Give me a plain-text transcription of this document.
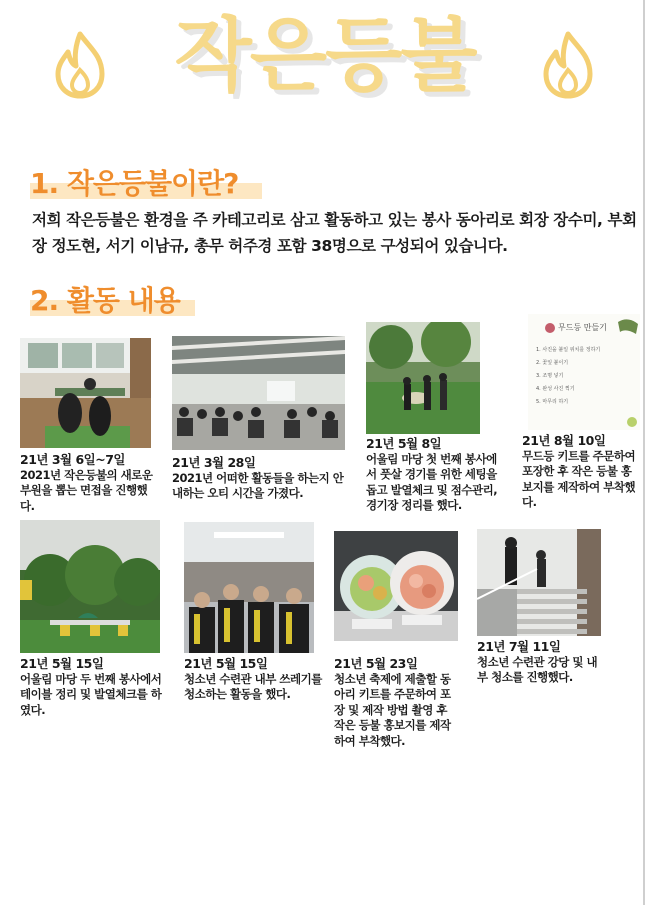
작은등불
1. 작은등불이란?
저희 작은등불은 환경을 주 카테고리로 삼고 활동하고 있는 봉사 동아리로 회장 장수미, 부회장 정도현, 서기 이남규, 총무 허주경 포함 38명으로 구성되어 있습니다.
2. 활동 내용
무드등 만들기
1. 사진을 붙일 위치를 정하기
2. 꽃잎 붙이기
3. 조명 넣기
4. 완성 사진 찍기
5. 마무리 하기
21년 3월 6일~7일
2021년 작은등불의 새로운 부원을 뽑는 면접을 진행했다.
21년 3월 28일
2021년 어떠한 활동들을 하는지 안내하는 오티 시간을 가졌다.
21년 5월 8일
어울림 마당 첫 번째 봉사에서 풋살 경기를 위한 세팅을 돕고 발열체크 및 점수관리, 경기장 정리를 했다.
21년 8월 10일
무드등 키트를 주문하여 포장한 후 작은 등불 홍보지를 제작하여 부착했다.
21년 5월 15일
어울림 마당 두 번째 봉사에서 테이블 정리 및 발열체크를 하였다.
21년 5월 15일
청소년 수련관 내부 쓰레기를 청소하는 활동을 했다.
21년 5월 23일
청소년 축제에 제출할 동아리 키트를 주문하여 포장 및 제작 방법 촬영 후 작은 등불 홍보지를 제작하여 부착했다.
21년 7월 11일
청소년 수련관 강당 및 내부 청소를 진행했다.
